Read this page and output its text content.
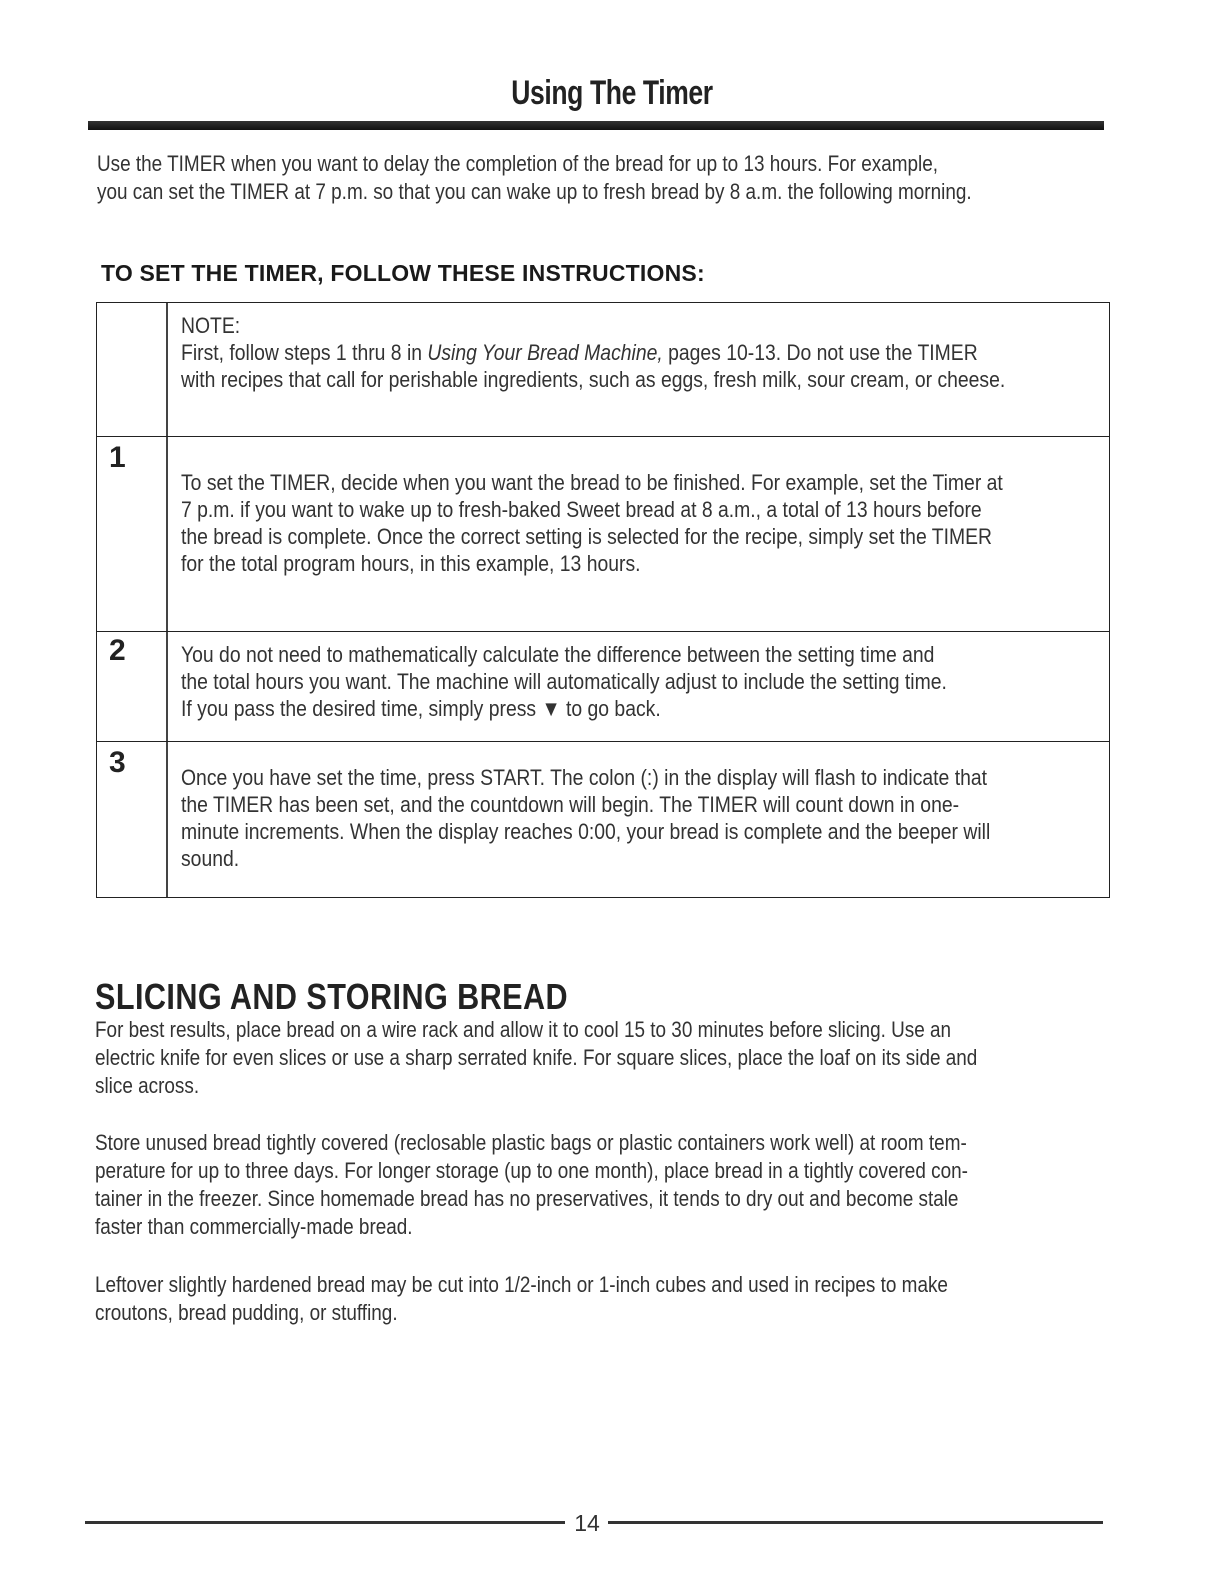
Using The Timer
Use the TIMER when you want to delay the completion of the bread for up to 13 hours. For example,
you can set the TIMER at 7 p.m. so that you can wake up to fresh bread by 8 a.m. the following morning.
TO SET THE TIMER, FOLLOW THESE INSTRUCTIONS:

NOTE:

First, follow steps 1 thru 8 in Using Your Bread Machine, pages 10-13. Do not use the TIMER

with recipes that call for perishable ingredients, such as eggs, fresh milk, sour cream, or cheese.

1

To set the TIMER, decide when you want the bread to be finished. For example, set the Timer at

7 p.m. if you want to wake up to fresh-baked Sweet bread at 8 a.m., a total of 13 hours before

the bread is complete. Once the correct setting is selected for the recipe, simply set the TIMER

for the total program hours, in this example, 13 hours.

2	You do not need to mathematically calculate the difference between the setting time and

the total hours you want. The machine will automatically adjust to include the setting time.

If you pass the desired time, simply press ▼ to go back.

3	Once you have set the time, press START. The colon (:) in the display will flash to indicate that

the TIMER has been set, and the countdown will begin. The TIMER will count down in one-

minute increments. When the display reaches 0:00, your bread is complete and the beeper will

sound.

SLICING AND STORING BREAD

For best results, place bread on a wire rack and allow it to cool 15 to 30 minutes before slicing. Use an

electric knife for even slices or use a sharp serrated knife. For square slices, place the loaf on its side and

slice across.

Store unused bread tightly covered (reclosable plastic bags or plastic containers work well) at room tem-

perature for up to three days. For longer storage (up to one month), place bread in a tightly covered con-

tainer in the freezer. Since homemade bread has no preservatives, it tends to dry out and become stale

faster than commercially-made bread.

Leftover slightly hardened bread may be cut into 1/2-inch or 1-inch cubes and used in recipes to make

croutons, bread pudding, or stuffing.

14
